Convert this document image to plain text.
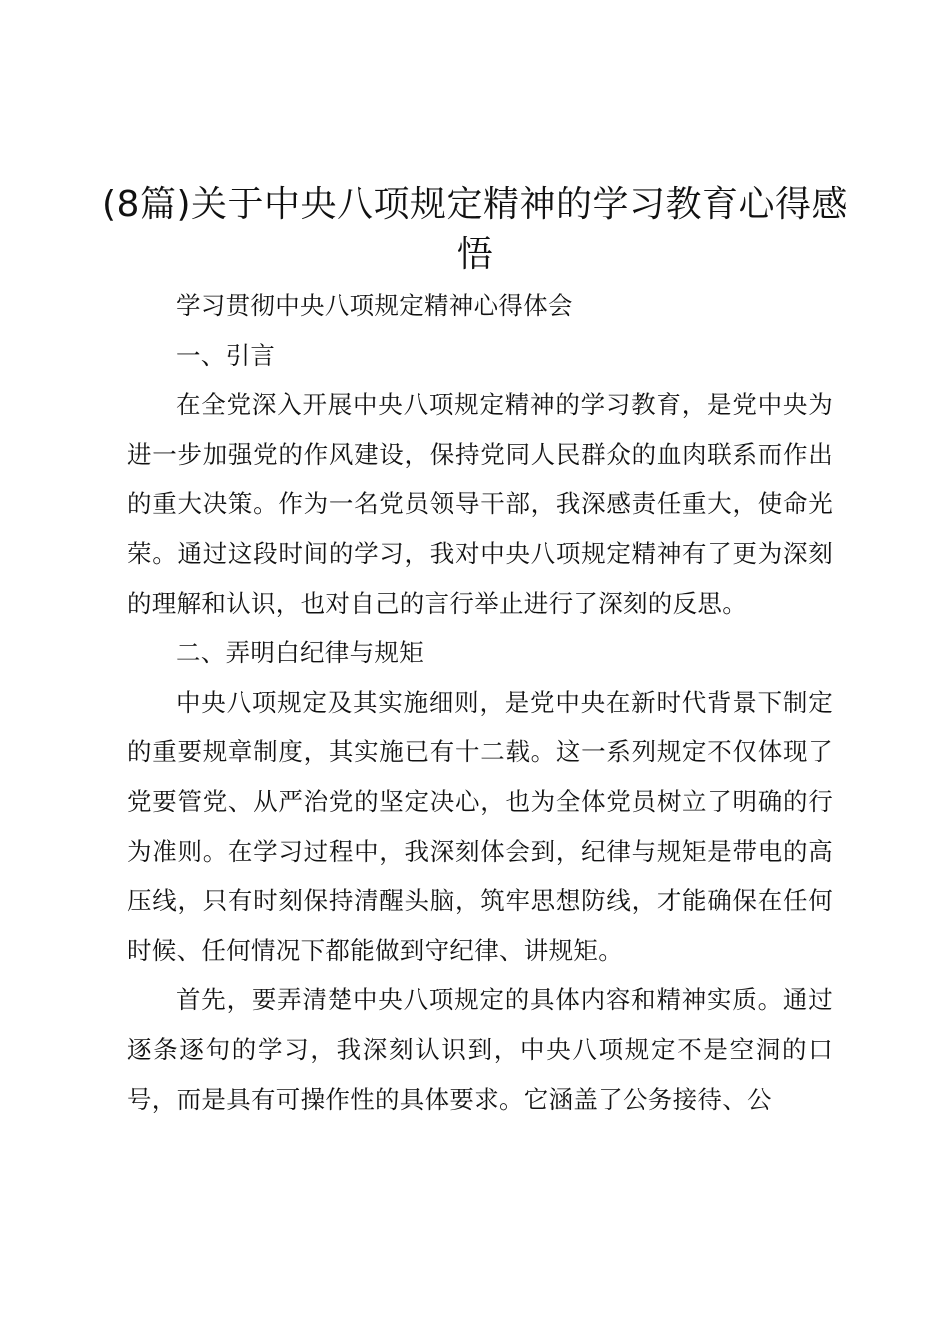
(8篇)关于中央八项规定精神的学习教育心得感悟

学习贯彻中央八项规定精神心得体会

一、引言

在全党深入开展中央八项规定精神的学习教育，是党中央为进一步加强党的作风建设，保持党同人民群众的血肉联系而作出的重大决策。作为一名党员领导干部，我深感责任重大，使命光荣。通过这段时间的学习，我对中央八项规定精神有了更为深刻的理解和认识，也对自己的言行举止进行了深刻的反思。

二、弄明白纪律与规矩

中央八项规定及其实施细则，是党中央在新时代背景下制定的重要规章制度，其实施已有十二载。这一系列规定不仅体现了党要管党、从严治党的坚定决心，也为全体党员树立了明确的行为准则。在学习过程中，我深刻体会到，纪律与规矩是带电的高压线，只有时刻保持清醒头脑，筑牢思想防线，才能确保在任何时候、任何情况下都能做到守纪律、讲规矩。

首先，要弄清楚中央八项规定的具体内容和精神实质。通过逐条逐句的学习，我深刻认识到，中央八项规定不是空洞的口号，而是具有可操作性的具体要求。它涵盖了公务接待、公
